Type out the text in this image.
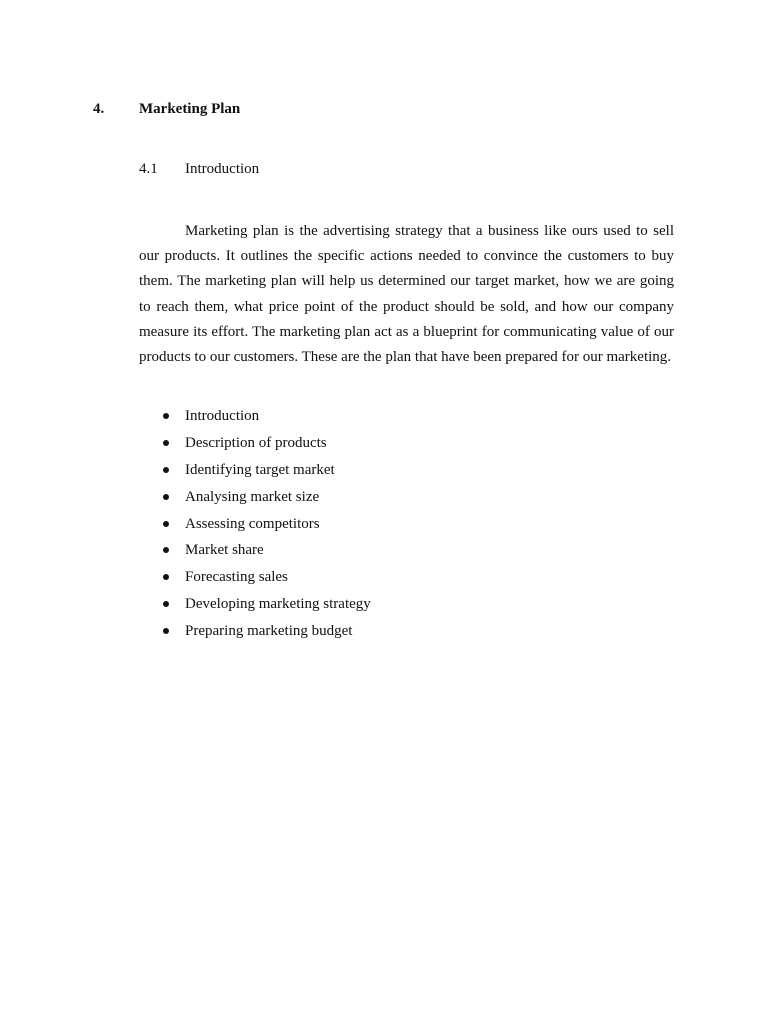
4. Marketing Plan
4.1 Introduction

Marketing plan is the advertising strategy that a business like ours used to sell our products. It outlines the specific actions needed to convince the customers to buy them. The marketing plan will help us determined our target market, how we are going to reach them, what price point of the product should be sold, and how our company measure its effort. The marketing plan act as a blueprint for communicating value of our products to our customers. These are the plan that have been prepared for our marketing.

Introduction
Description of products
Identifying target market
Analysing market size
Assessing competitors
Market share
Forecasting sales
Developing marketing strategy
Preparing marketing budget
